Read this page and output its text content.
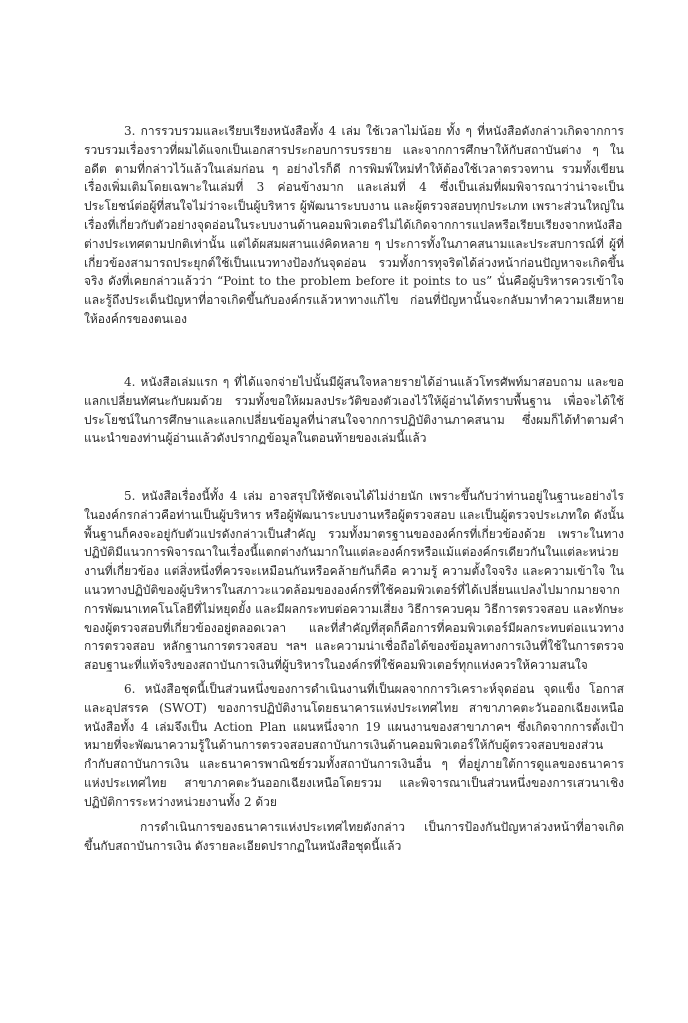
3. การรวบรวมและเรียบเรียงหนังสือทั้ง 4 เล่ม ใช้เวลาไม่น้อย ทั้ง ๆ ที่หนังสือดังกล่าวเกิดจากการรวบรวมเรื่องราวที่ผมได้แจกเป็นเอกสารประกอบการบรรยาย และจากการศึกษาให้กับสถาบันต่าง ๆ ในอดีต ตามที่กล่าวไว้แล้วในเล่มก่อน ๆ อย่างไรก็ดี การพิมพ์ใหม่ทำให้ต้องใช้เวลาตรวจทาน รวมทั้งเขียนเรื่องเพิ่มเติมโดยเฉพาะในเล่มที่ 3 ค่อนข้างมาก และเล่มที่ 4 ซึ่งเป็นเล่มที่ผมพิจารณาว่าน่าจะเป็นประโยชน์ต่อผู้ที่สนใจไม่ว่าจะเป็นผู้บริหาร ผู้พัฒนาระบบงาน และผู้ตรวจสอบทุกประเภท เพราะส่วนใหญ่ในเรื่องที่เกี่ยวกับตัวอย่างจุดอ่อนในระบบงานด้านคอมพิวเตอร์ไม่ได้เกิดจากการแปลหรือเรียบเรียงจากหนังสือต่างประเทศตามปกติเท่านั้น แต่ได้ผสมผสานแง่คิดหลาย ๆ ประการทั้งในภาคสนามและประสบการณ์ที่ ผู้ที่เกี่ยวข้องสามารถประยุกต์ใช้เป็นแนวทางป้องกันจุดอ่อน รวมทั้งการทุจริตได้ล่วงหน้าก่อนปัญหาจะเกิดขึ้นจริง ดังที่เคยกล่าวแล้วว่า “Point to the problem before it points to us” นั่นคือผู้บริหารควรเข้าใจและรู้ถึงประเด็นปัญหาที่อาจเกิดขึ้นกับองค์กรแล้วหาทางแก้ไข ก่อนที่ปัญหานั้นจะกลับมาทำความเสียหายให้องค์กรของตนเอง

4. หนังสือเล่มแรก ๆ ที่ได้แจกจ่ายไปนั้นมีผู้สนใจหลายรายได้อ่านแล้วโทรศัพท์มาสอบถาม และขอแลกเปลี่ยนทัศนะกับผมด้วย รวมทั้งขอให้ผมลงประวัติของตัวเองไว้ให้ผู้อ่านได้ทราบพื้นฐาน เพื่อจะได้ใช้ประโยชน์ในการศึกษาและแลกเปลี่ยนข้อมูลที่น่าสนใจจากการปฏิบัติงานภาคสนาม ซึ่งผมก็ได้ทำตามคำแนะนำของท่านผู้อ่านแล้วดังปรากฏข้อมูลในตอนท้ายของเล่มนี้แล้ว

5. หนังสือเรื่องนี้ทั้ง 4 เล่ม อาจสรุปให้ชัดเจนได้ไม่ง่ายนัก เพราะขึ้นกับว่าท่านอยู่ในฐานะอย่างไรในองค์กรกล่าวคือท่านเป็นผู้บริหาร หรือผู้พัฒนาระบบงานหรือผู้ตรวจสอบ และเป็นผู้ตรวจประเภทใด ดังนั้นพื้นฐานก็คงจะอยู่กับตัวแปรดังกล่าวเป็นสำคัญ รวมทั้งมาตรฐานขององค์กรที่เกี่ยวข้องด้วย เพราะในทางปฏิบัติมีแนวการพิจารณาในเรื่องนี้แตกต่างกันมากในแต่ละองค์กรหรือแม้แต่องค์กรเดียวกันในแต่ละหน่วยงานที่เกี่ยวข้อง แต่สิ่งหนึ่งที่ควรจะเหมือนกันหรือคล้ายกันก็คือ ความรู้ ความตั้งใจจริง และความเข้าใจ ในแนวทางปฏิบัติของผู้บริหารในสภาวะแวดล้อมขององค์กรที่ใช้คอมพิวเตอร์ที่ได้เปลี่ยนแปลงไปมากมายจากการพัฒนาเทคโนโลยีที่ไม่หยุดยั้ง และมีผลกระทบต่อความเสี่ยง วิธีการควบคุม วิธีการตรวจสอบ และทักษะของผู้ตรวจสอบที่เกี่ยวข้องอยู่ตลอดเวลา และที่สำคัญที่สุดก็คือการที่คอมพิวเตอร์มีผลกระทบต่อแนวทางการตรวจสอบ หลักฐานการตรวจสอบ ฯลฯ และความน่าเชื่อถือได้ของข้อมูลทางการเงินที่ใช้ในการตรวจสอบฐานะที่แท้จริงของสถาบันการเงินที่ผู้บริหารในองค์กรที่ใช้คอมพิวเตอร์ทุกแห่งควรให้ความสนใจ

6. หนังสือชุดนี้เป็นส่วนหนึ่งของการดำเนินงานที่เป็นผลจากการวิเคราะห์จุดอ่อน จุดแข็ง โอกาสและอุปสรรค (SWOT) ของการปฏิบัติงานโดยธนาคารแห่งประเทศไทย สาขาภาคตะวันออกเฉียงเหนือ หนังสือทั้ง 4 เล่มจึงเป็น Action Plan แผนหนึ่งจาก 19 แผนงานของสาขาภาคฯ ซึ่งเกิดจากการตั้งเป้าหมายที่จะพัฒนาความรู้ในด้านการตรวจสอบสถาบันการเงินด้านคอมพิวเตอร์ให้กับผู้ตรวจสอบของส่วนกำกับสถาบันการเงิน และธนาคารพาณิชย์รวมทั้งสถาบันการเงินอื่น ๆ ที่อยู่ภายใต้การดูแลของธนาคารแห่งประเทศไทย สาขาภาคตะวันออกเฉียงเหนือโดยรวม และพิจารณาเป็นส่วนหนึ่งของการเสวนาเชิงปฏิบัติการระหว่างหน่วยงานทั้ง 2 ด้วย

การดำเนินการของธนาคารแห่งประเทศไทยดังกล่าว เป็นการป้องกันปัญหาล่วงหน้าที่อาจเกิดขึ้นกับสถาบันการเงิน ดังรายละเอียดปรากฏในหนังสือชุดนี้แล้ว
